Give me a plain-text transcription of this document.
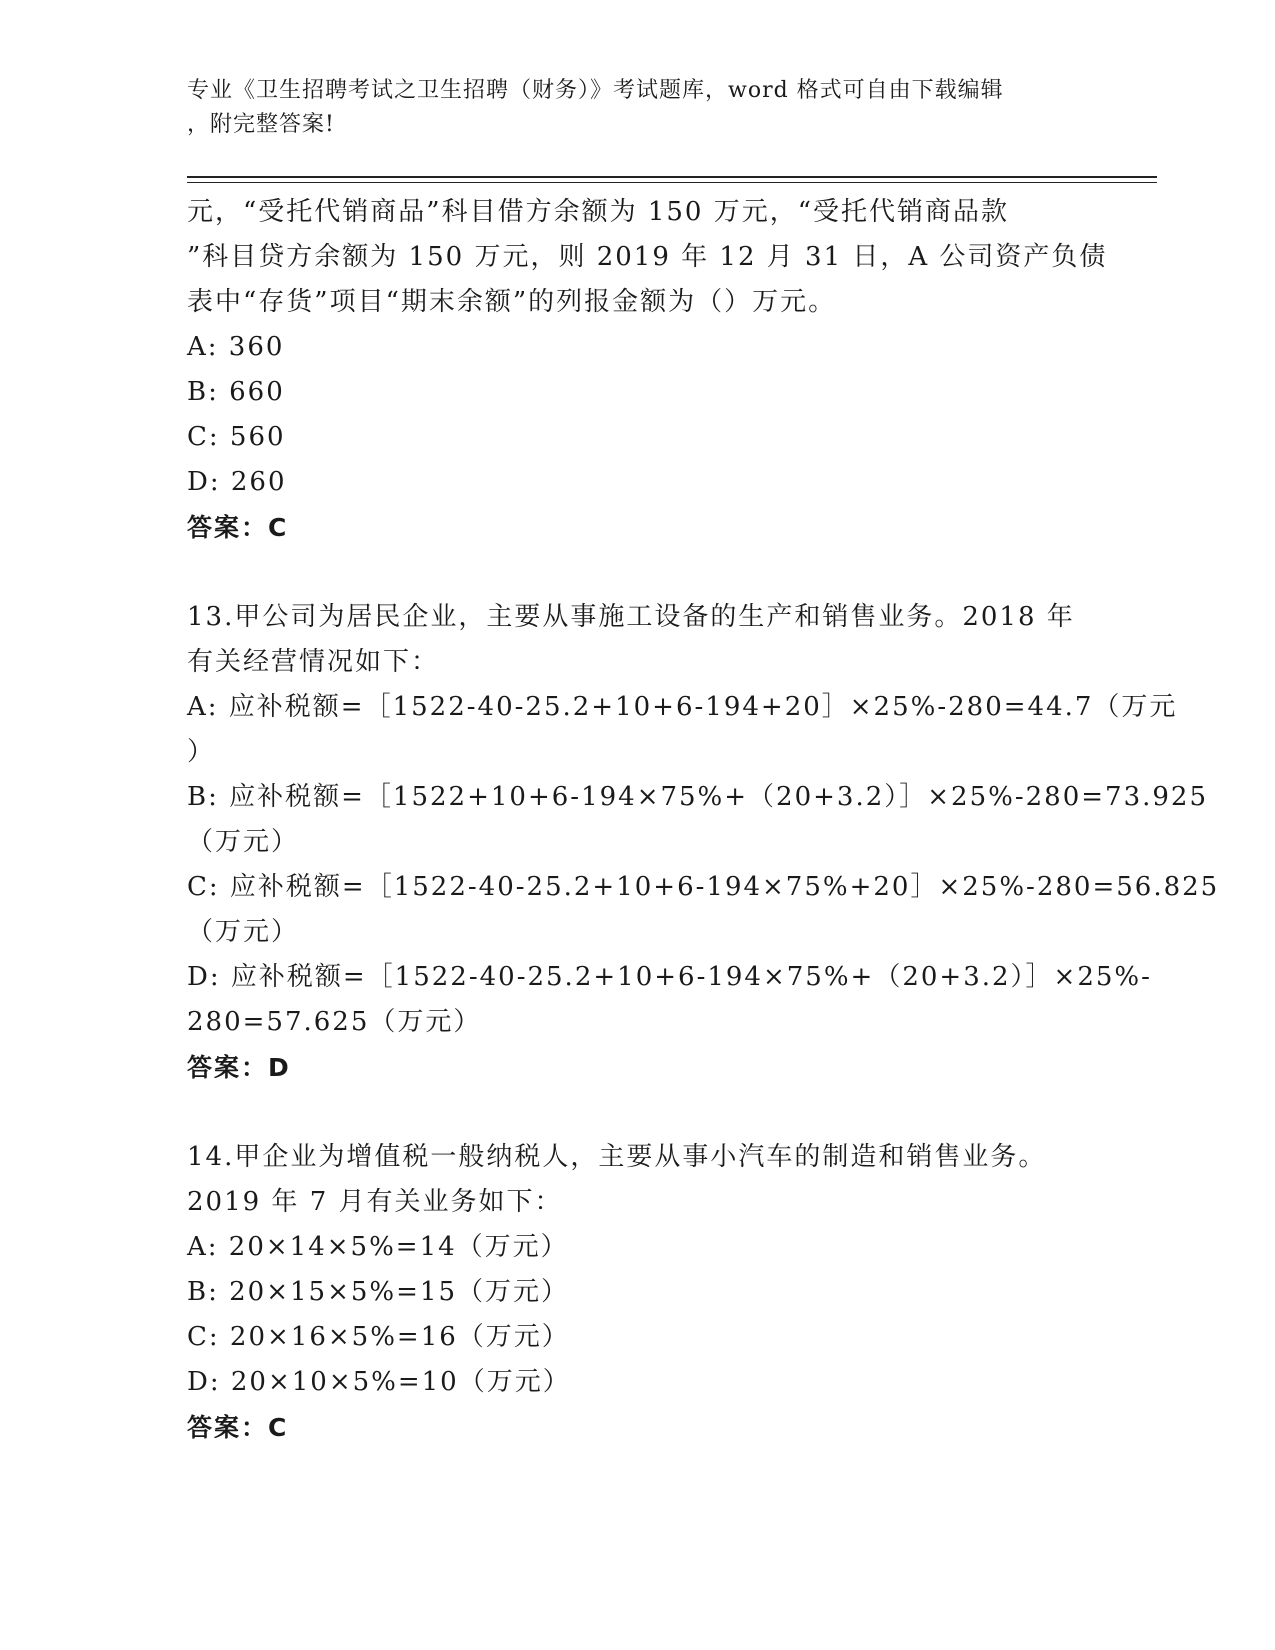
专业《卫生招聘考试之卫生招聘（财务）》考试题库，word 格式可自由下载编辑
，附完整答案!
元，“受托代销商品”科目借方余额为 150 万元，“受托代销商品款
”科目贷方余额为 150 万元，则 2019 年 12 月 31 日，A 公司资产负债
表中“存货”项目“期末余额”的列报金额为（）万元。
A: 360
B: 660
C: 560
D: 260
答案：C
13.甲公司为居民企业，主要从事施工设备的生产和销售业务。2018 年
有关经营情况如下：
A: 应补税额=［1522-40-25.2+10+6-194+20］×25%-280=44.7（万元
）
B: 应补税额=［1522+10+6-194×75%+（20+3.2）］×25%-280=73.925
（万元）
C: 应补税额=［1522-40-25.2+10+6-194×75%+20］×25%-280=56.825
（万元）
D: 应补税额=［1522-40-25.2+10+6-194×75%+（20+3.2）］×25%-
280=57.625（万元）
答案：D
14.甲企业为增值税一般纳税人，主要从事小汽车的制造和销售业务。
2019 年 7 月有关业务如下：
A: 20×14×5%=14（万元）
B: 20×15×5%=15（万元）
C: 20×16×5%=16（万元）
D: 20×10×5%=10（万元）
答案：C
